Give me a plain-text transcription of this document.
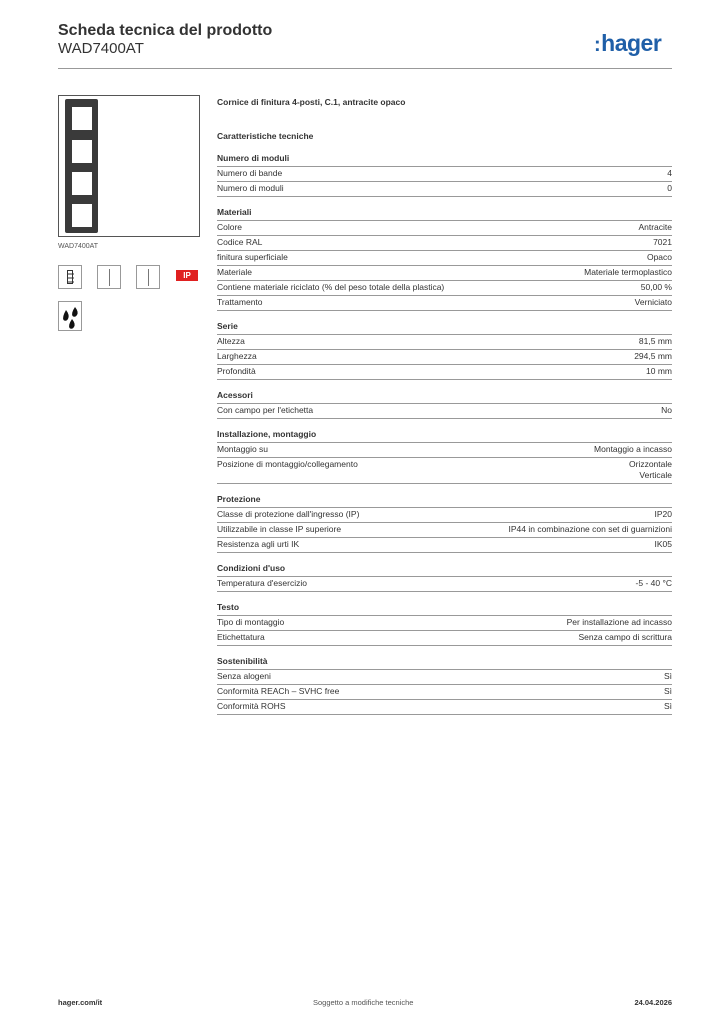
Scheda tecnica del prodotto
WAD7400AT	:hager
WAD7400AT
IP
Cornice di finitura 4-posti, C.1, antracite opaco
Caratteristiche tecniche
Numero di moduli
Numero di bande	4
Numero di moduli	0
Materiali
Colore	Antracite
Codice RAL	7021
finitura superficiale	Opaco
Materiale	Materiale termoplastico
Contiene materiale riciclato (% del peso totale della plastica)	50,00 %
Trattamento	Verniciato
Serie
Altezza	81,5 mm
Larghezza	294,5 mm
Profondità	10 mm
Acessori
Con campo per l'etichetta	No
Installazione, montaggio
Montaggio su	Montaggio a incasso
Posizione di montaggio/collegamento	Orizzontale
Verticale
Protezione
Classe di protezione dall'ingresso (IP)	IP20
Utilizzabile in classe IP superiore	IP44 in combinazione con set di guarnizioni
Resistenza agli urti IK	IK05
Condizioni d'uso
Temperatura d'esercizio	-5 - 40 °C
Testo
Tipo di montaggio	Per installazione ad incasso
Etichettatura	Senza campo di scrittura
Sostenibilità
Senza alogeni	Sì
Conformità REACh – SVHC free	Sì
Conformità ROHS	Sì
hager.com/it	Soggetto a modifiche tecniche	24.04.2026
